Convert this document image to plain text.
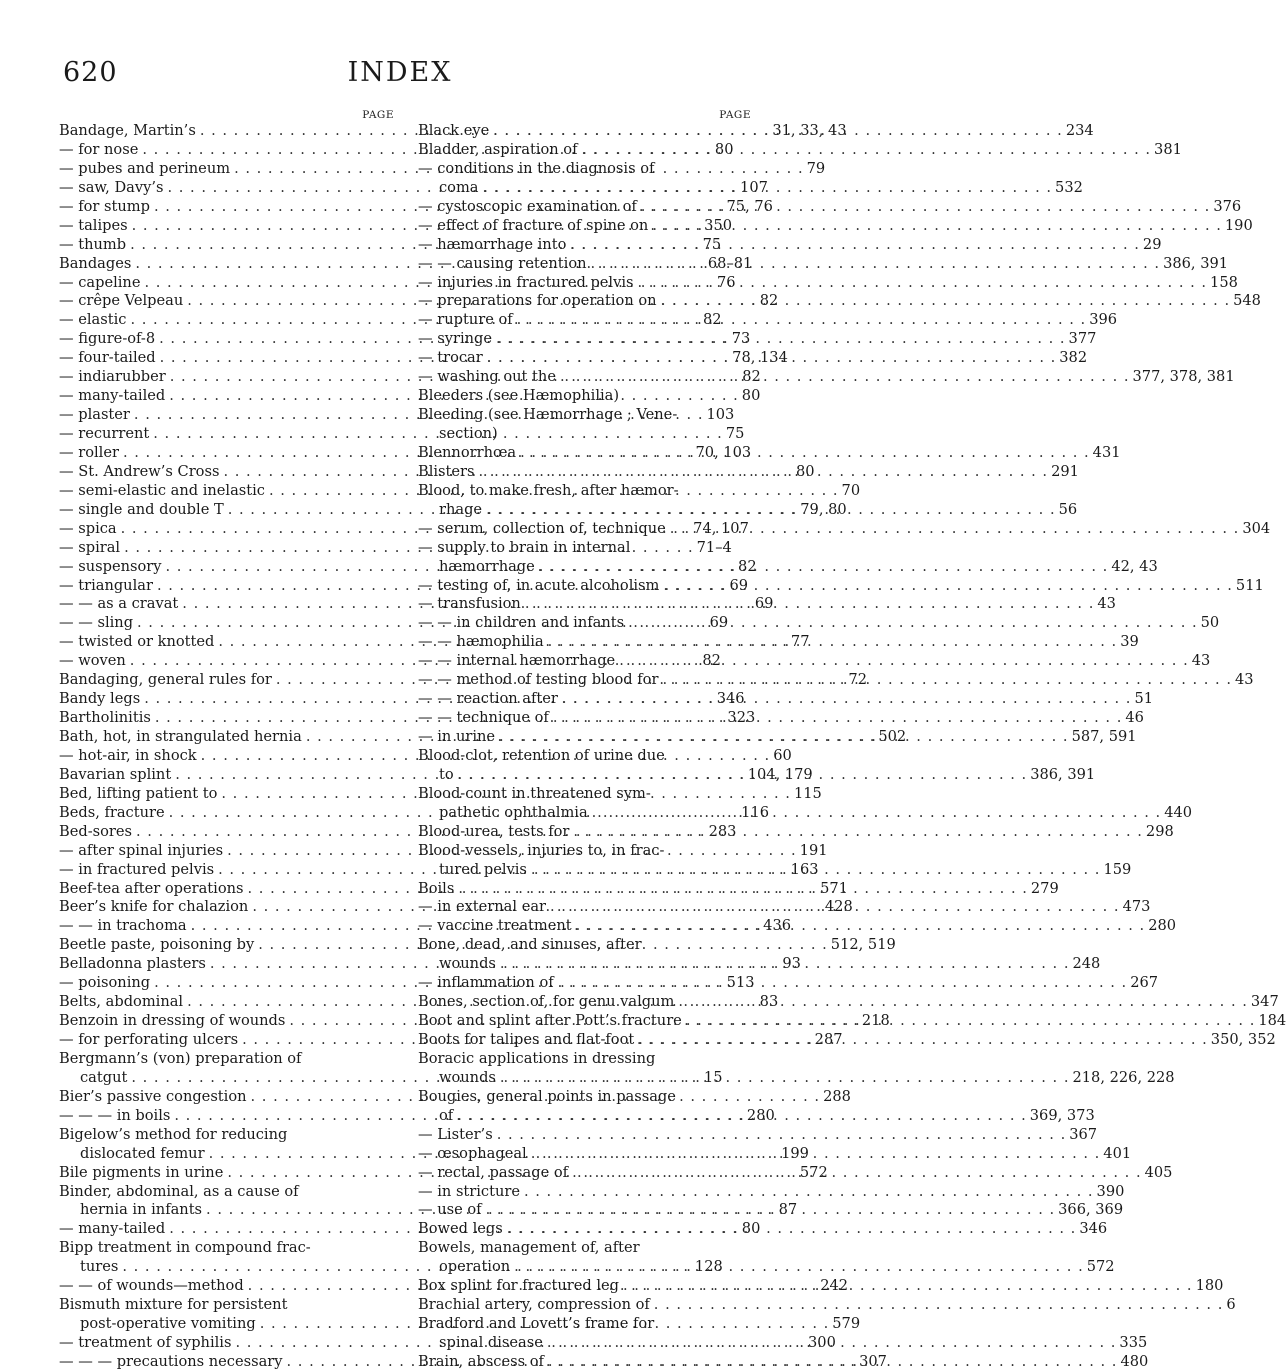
620	INDEX
PAGE
Bandage, Martin’s . . .	31, 33, 43
— for nose . . .	80
— pubes and perineum . . .	79
— saw, Davy’s . . .	107
— for stump . . .	75, 76
— talipes . . .	350
— thumb . . .	75
Bandages . . .	68–81
— capeline . . .	76
— crêpe Velpeau . . .	82
— elastic . . .	82
— figure-of-8 . . .	73
— four-tailed . . .	78, 134
— indiarubber . . .	82
— many-tailed . . .	80
— plaster . . .	103
— recurrent . . .	75
— roller . . .	70, 103
— St. Andrew’s Cross . . .	80
— semi-elastic and inelastic . . .	70
— single and double T . . .	79, 80
— spica . . .	74, 107
— spiral . . .	71–4
— suspensory . . .	82
— triangular . . .	69
— — as a cravat . . .	69
— — sling . . .	69
— twisted or knotted . . .	77
— woven . . .	82
Bandaging, general rules for . . .	72
Bandy legs . . .	346
Bartholinitis . . .	323
Bath, hot, in strangulated hernia . . .	502
— hot-air, in shock . . .	60
Bavarian splint . . .	104, 179
Bed, lifting patient to . . .	115
Beds, fracture . . .	116
Bed-sores . . .	283
— after spinal injuries . . .	191
— in fractured pelvis . . .	163
Beef-tea after operations . . .	571
Beer’s knife for chalazion . . .	428
— — in trachoma . . .	436
Beetle paste, poisoning by . . .	512, 519
Belladonna plasters . . .	93
— poisoning . . .	513
Belts, abdominal . . .	83
Benzoin in dressing of wounds . . .	218
— for perforating ulcers . . .	287
Bergmann’s (von) preparation of
catgut . . .	15
Bier’s passive congestion . . .	288
— — — in boils . . .	280
Bigelow’s method for reducing
dislocated femur . . .	199
Bile pigments in urine . . .	572
Binder, abdominal, as a cause of
hernia in infants . . .	87
— many-tailed . . .	80
Bipp treatment in compound frac-
tures . . .	128
— — of wounds—method . . .	242
Bismuth mixture for persistent
post-operative vomiting . . .	579
— treatment of syphilis . . .	300
— — — precautions necessary . . .	307
PAGE
Black eye . . .	234
Bladder, aspiration of . . .	381
— conditions in the diagnosis of
coma . . .	532
— cystoscopic examination of . . .	376
— effect of fracture of spine on . . .	190
— hæmorrhage into . . .	29
— — causing retention . . .	386, 391
— injuries in fractured pelvis . . .	158
— preparations for operation on . . .	548
— rupture of . . .	396
— syringe . . .	377
— trocar . . .	382
— washing out the . . .	377, 378, 381
Bleeders (see Hæmophilia)
Bleeding (see Hæmorrhage ; Vene-
section)
Blennorrhœa . . .	431
Blisters . . .	291
Blood, to make fresh, after hæmor-
rhage . . .	56
— serum, collection of, technique . . .	304
— supply to brain in internal
hæmorrhage . . .	42, 43
— testing of, in acute alcoholism . . .	511
— transfusion . . .	43
— — in children and infants . . .	50
— — hæmophilia . . .	39
— — internal hæmorrhage . . .	43
— — method of testing blood for . . .	43
— — reaction after . . .	51
— — technique of . . .	46
— in urine . . .	587, 591
Blood-clot, retention of urine due
to . . .	386, 391
Blood-count in threatened sym-
pathetic ophthalmia . . .	440
Blood-urea, tests for . . .	298
Blood-vessels, injuries to, in frac-
tured pelvis . . .	159
Boils . . .	279
— in external ear . . .	473
— vaccine treatment . . .	280
Bone, dead, and sinuses, after
wounds . . .	248
— inflammation of . . .	267
Bones, section of, for genu valgum . . .	347
Boot and splint after Pott’s fracture . . .	184
Boots for talipes and flat-foot . . .	350, 352
Boracic applications in dressing
wounds . . .	218, 226, 228
Bougies, general points in passage
of . . .	369, 373
— Lister’s . . .	367
— œsophageal . . .	401
— rectal, passage of . . .	405
— in stricture . . .	390
— use of . . .	366, 369
Bowed legs . . .	346
Bowels, management of, after
operation . . .	572
Box splint for fractured leg . . .	180
Brachial artery, compression of . . .	6
Bradford and Lovett’s frame for
spinal disease . . .	335
Brain, abscess of . . .	480
